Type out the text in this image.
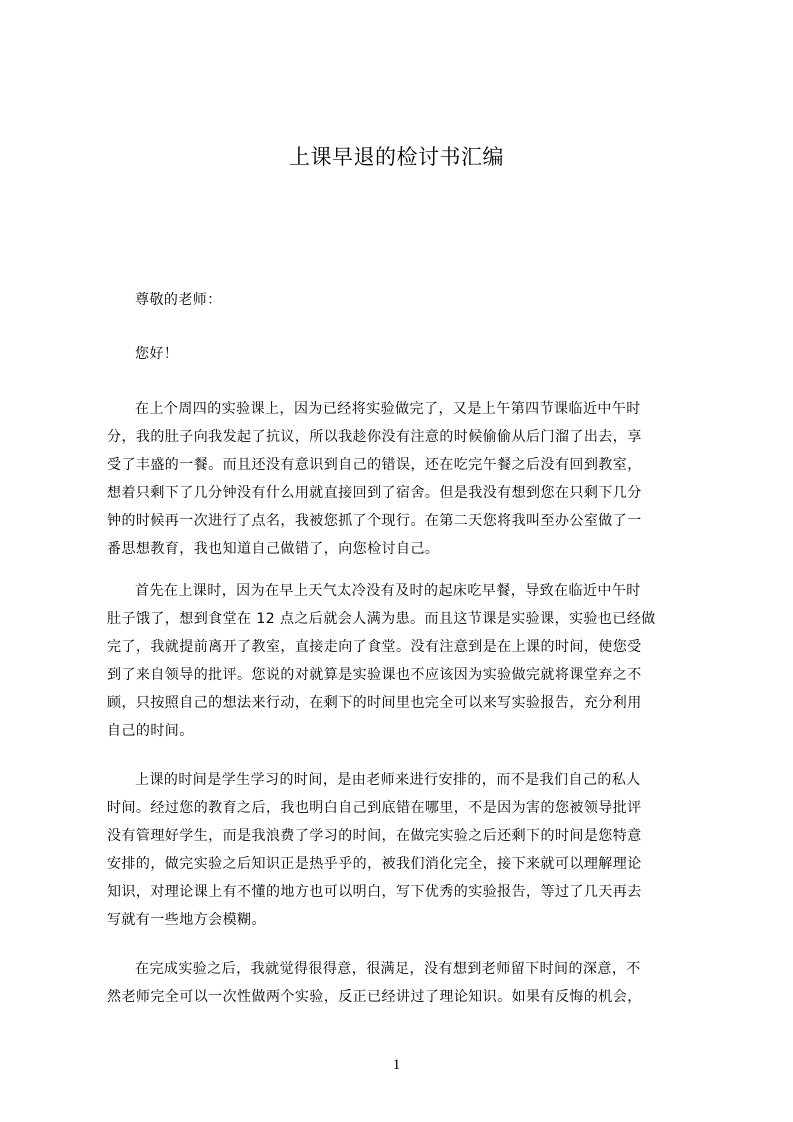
上课早退的检讨书汇编
尊敬的老师：
您好！
在上个周四的实验课上，因为已经将实验做完了，又是上午第四节课临近中午时
分，我的肚子向我发起了抗议，所以我趁你没有注意的时候偷偷从后门溜了出去，享
受了丰盛的一餐。而且还没有意识到自己的错误，还在吃完午餐之后没有回到教室，
想着只剩下了几分钟没有什么用就直接回到了宿舍。但是我没有想到您在只剩下几分
钟的时候再一次进行了点名，我被您抓了个现行。在第二天您将我叫至办公室做了一
番思想教育，我也知道自己做错了，向您检讨自己。
首先在上课时，因为在早上天气太冷没有及时的起床吃早餐，导致在临近中午时
肚子饿了，想到食堂在 12 点之后就会人满为患。而且这节课是实验课，实验也已经做
完了，我就提前离开了教室，直接走向了食堂。没有注意到是在上课的时间，使您受
到了来自领导的批评。您说的对就算是实验课也不应该因为实验做完就将课堂弃之不
顾，只按照自己的想法来行动，在剩下的时间里也完全可以来写实验报告，充分利用
自己的时间。
上课的时间是学生学习的时间，是由老师来进行安排的，而不是我们自己的私人
时间。经过您的教育之后，我也明白自己到底错在哪里，不是因为害的您被领导批评
没有管理好学生，而是我浪费了学习的时间，在做完实验之后还剩下的时间是您特意
安排的，做完实验之后知识正是热乎乎的，被我们消化完全，接下来就可以理解理论
知识，对理论课上有不懂的地方也可以明白，写下优秀的实验报告，等过了几天再去
写就有一些地方会模糊。
在完成实验之后，我就觉得很得意，很满足，没有想到老师留下时间的深意，不
然老师完全可以一次性做两个实验，反正已经讲过了理论知识。如果有反悔的机会，
1
